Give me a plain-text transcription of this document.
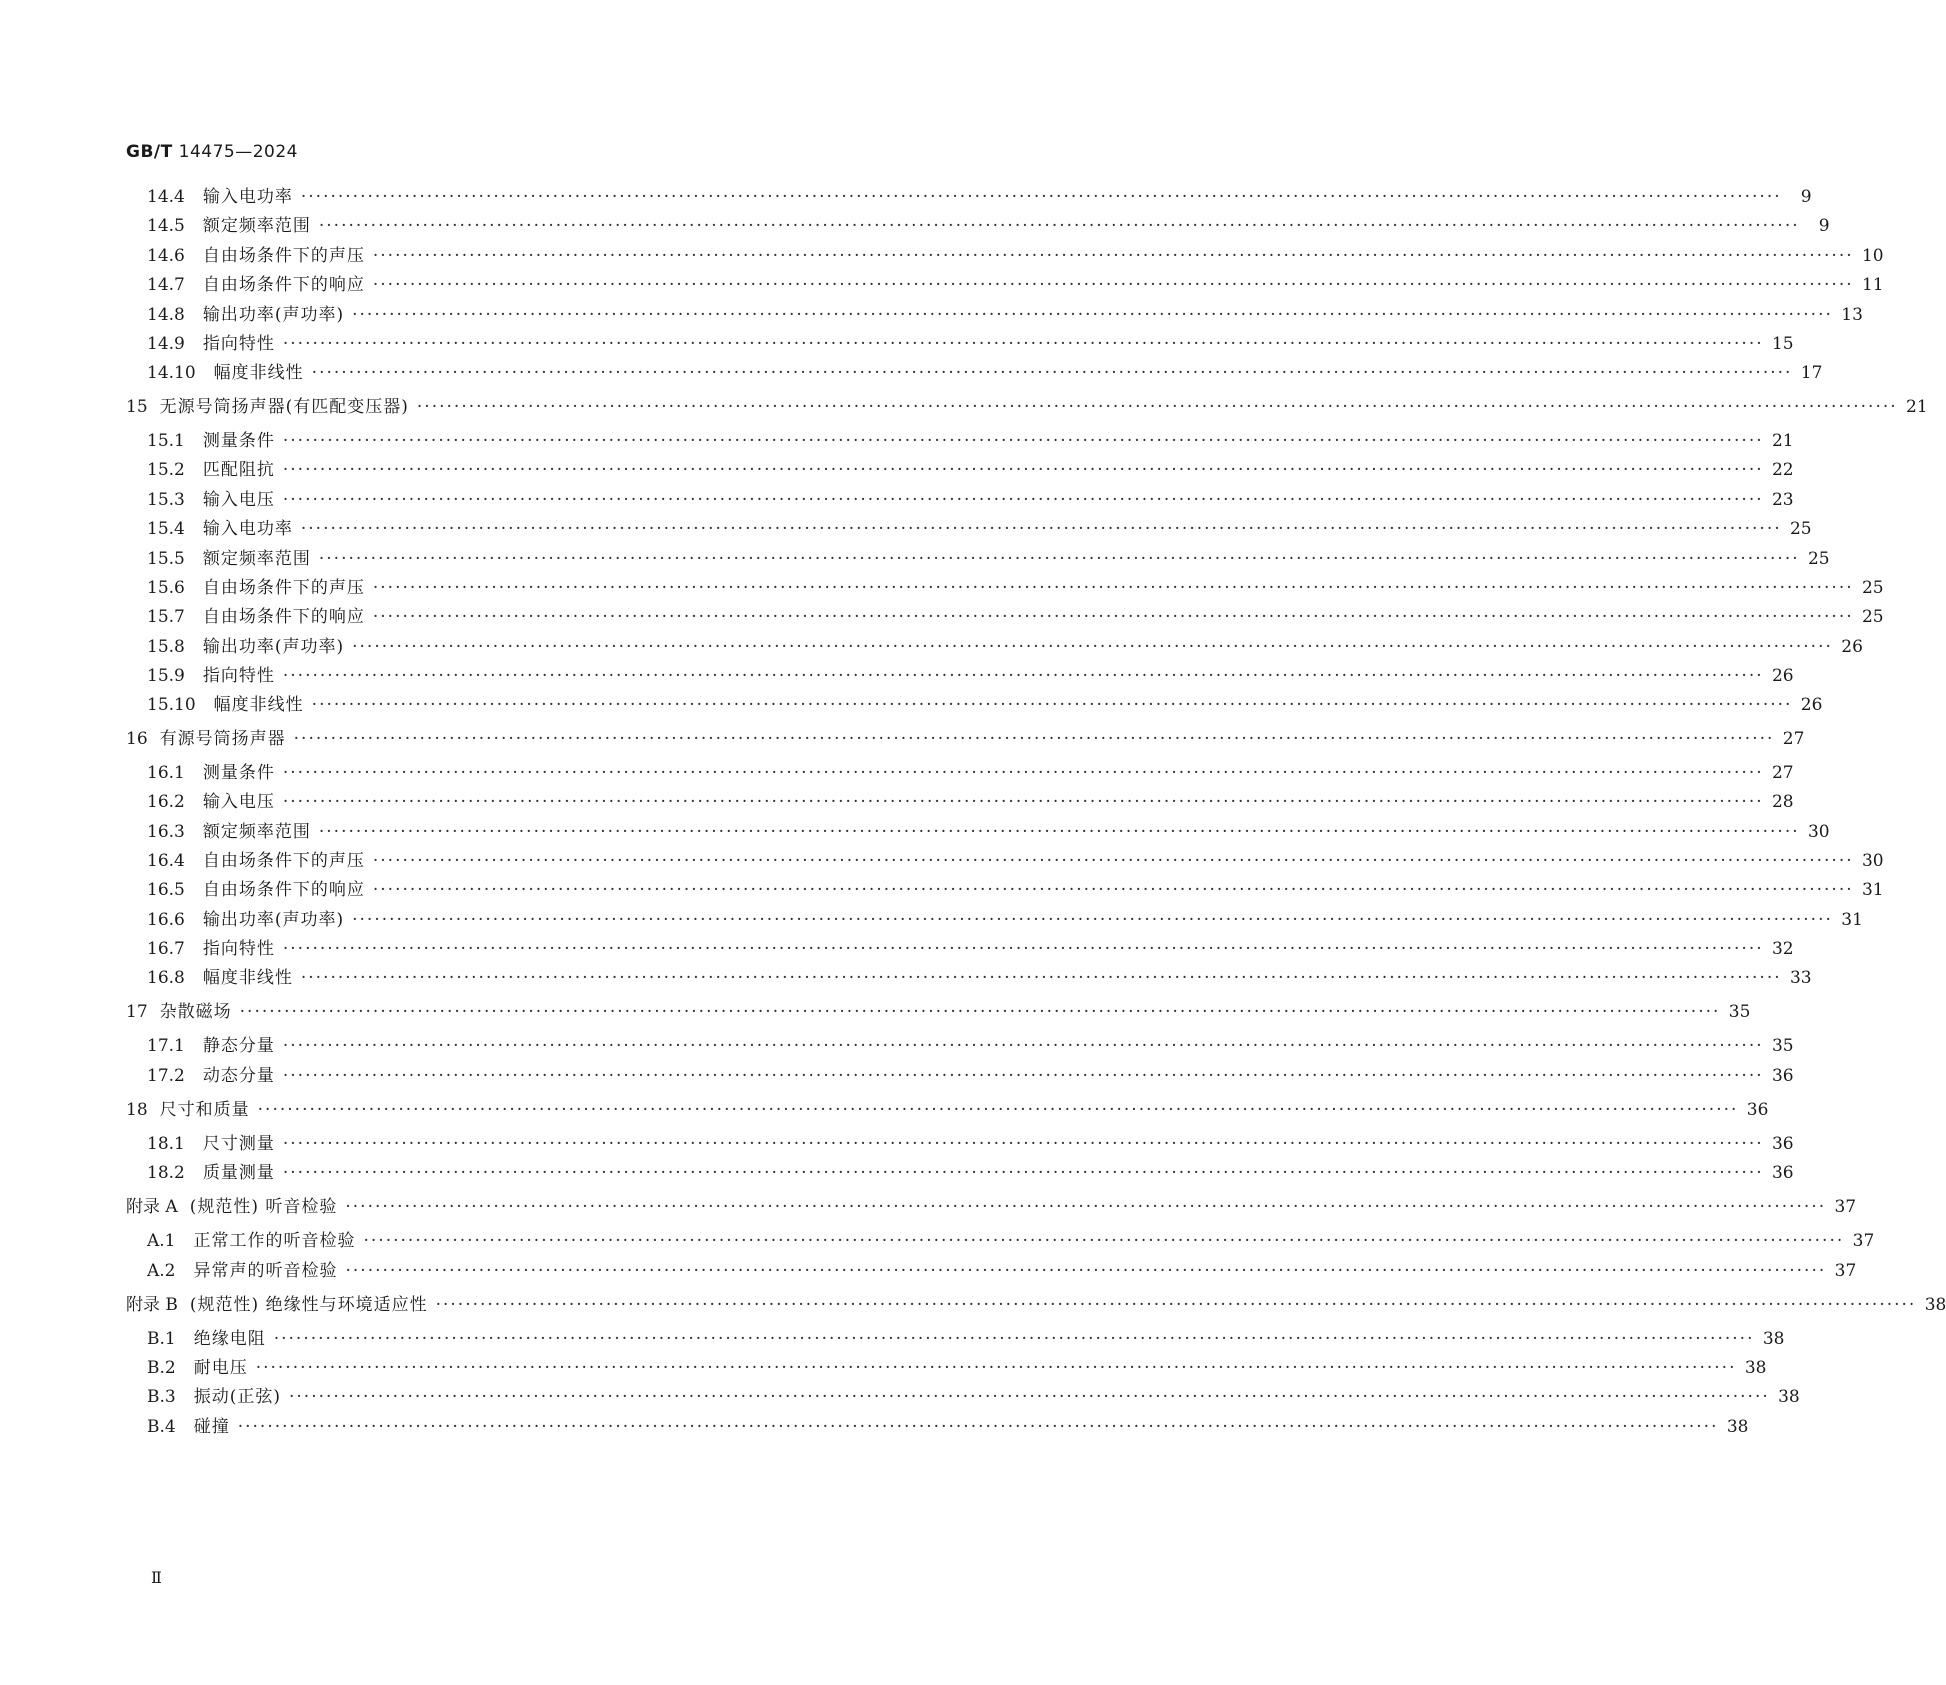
GB/T 14475—2024
14.4 输入电功率 ········································································································································································································	9
14.5 额定频率范围 ········································································································································································································	9
14.6 自由场条件下的声压 ········································································································································································································ 10
14.7 自由场条件下的响应 ········································································································································································································ 11
14.8 输出功率(声功率) ········································································································································································································ 13
14.9 指向特性 ········································································································································································································ 15
14.10 幅度非线性 ········································································································································································································ 17
15 无源号筒扬声器(有匹配变压器) ········································································································································································································ 21
15.1 测量条件 ········································································································································································································ 21
15.2 匹配阻抗 ········································································································································································································ 22
15.3 输入电压 ········································································································································································································ 23
15.4 输入电功率 ········································································································································································································ 25
15.5 额定频率范围 ········································································································································································································ 25
15.6 自由场条件下的声压 ········································································································································································································ 25
15.7 自由场条件下的响应 ········································································································································································································ 25
15.8 输出功率(声功率) ········································································································································································································ 26
15.9 指向特性 ········································································································································································································ 26
15.10 幅度非线性 ········································································································································································································ 26
16 有源号筒扬声器 ········································································································································································································ 27
16.1 测量条件 ········································································································································································································ 27
16.2 输入电压 ········································································································································································································ 28
16.3 额定频率范围 ········································································································································································································ 30
16.4 自由场条件下的声压 ········································································································································································································ 30
16.5 自由场条件下的响应 ········································································································································································································ 31
16.6 输出功率(声功率) ········································································································································································································ 31
16.7 指向特性 ········································································································································································································ 32
16.8 幅度非线性 ········································································································································································································ 33
17 杂散磁场 ········································································································································································································ 35
17.1 静态分量 ········································································································································································································ 35
17.2 动态分量 ········································································································································································································ 36
18 尺寸和质量 ········································································································································································································ 36
18.1 尺寸测量 ········································································································································································································ 36
18.2 质量测量 ········································································································································································································ 36
附录 A (规范性) 听音检验 ········································································································································································································ 37
A.1 正常工作的听音检验 ········································································································································································································ 37
A.2 异常声的听音检验 ········································································································································································································ 37
附录 B (规范性) 绝缘性与环境适应性 ········································································································································································································ 38
B.1 绝缘电阻 ········································································································································································································ 38
B.2 耐电压 ········································································································································································································ 38
B.3 振动(正弦) ········································································································································································································ 38
B.4 碰撞 ········································································································································································································ 38
Ⅱ
